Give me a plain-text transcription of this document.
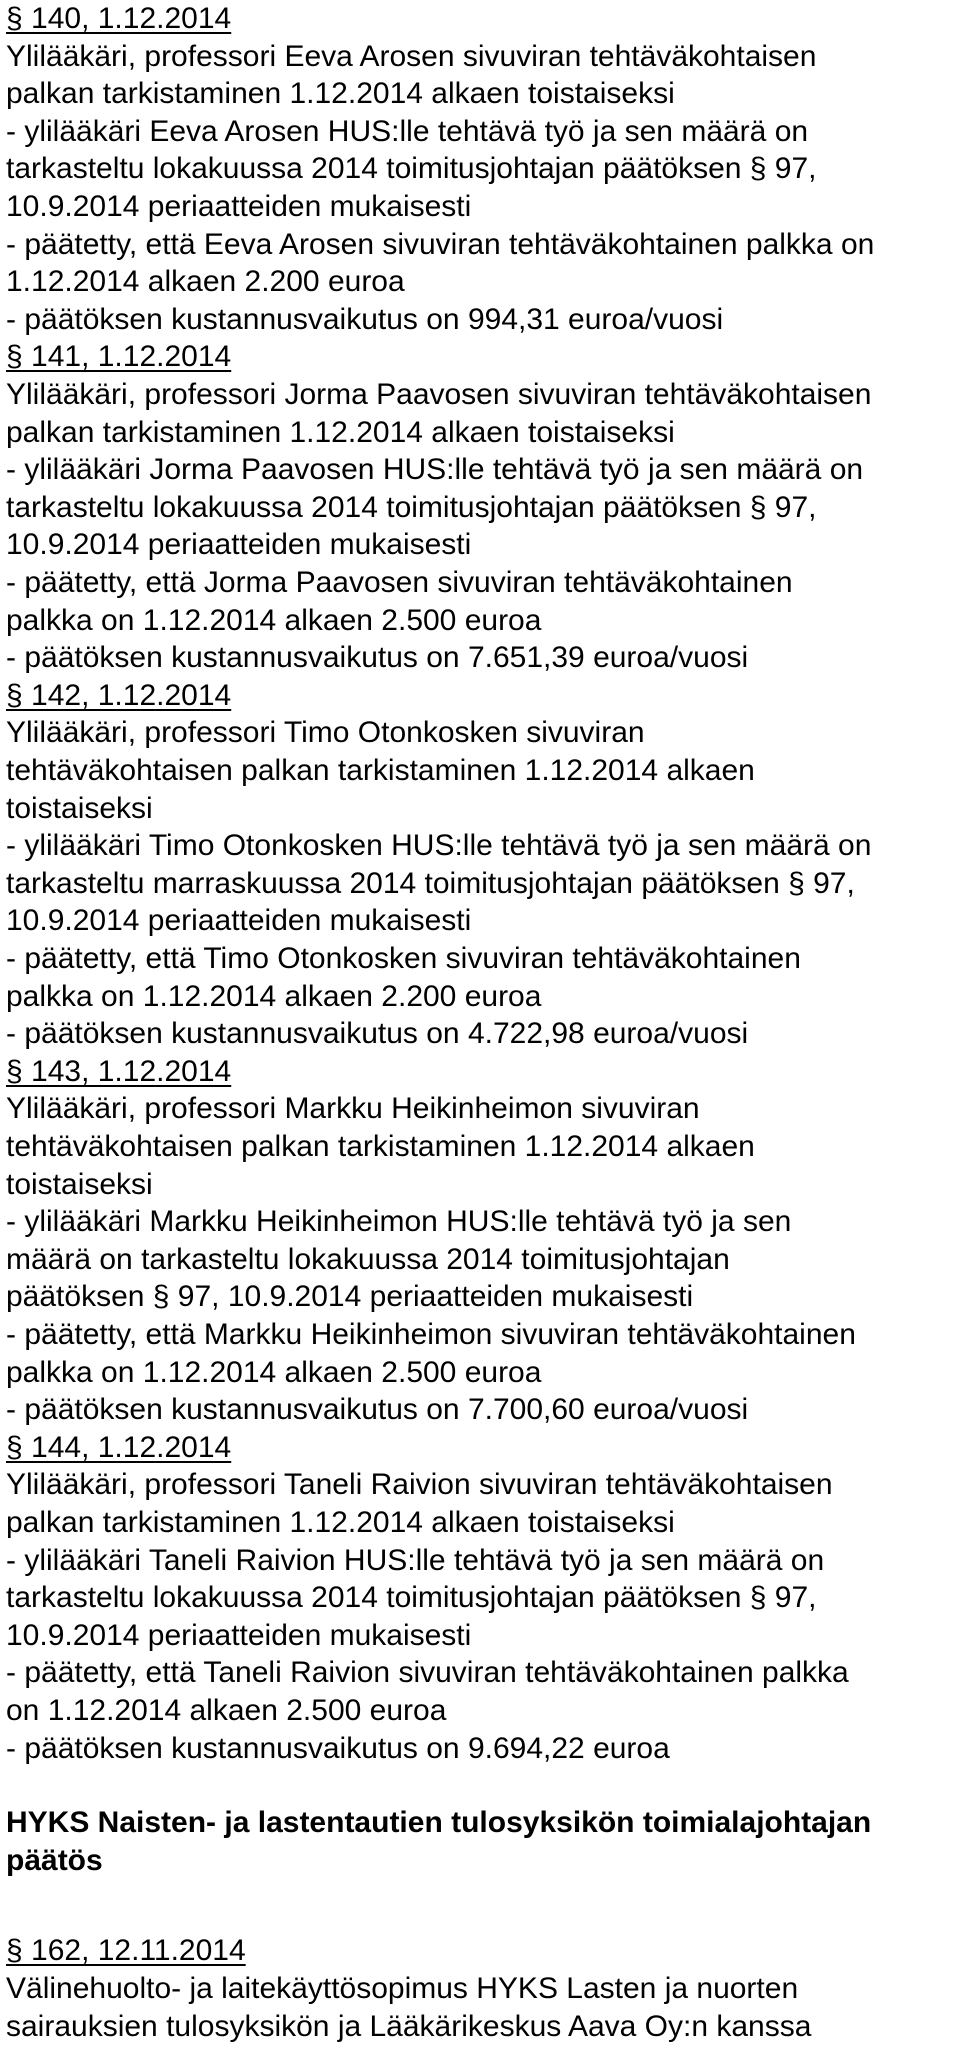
§ 140, 1.12.2014
Ylilääkäri, professori Eeva Arosen sivuviran tehtäväkohtaisen
palkan tarkistaminen 1.12.2014 alkaen toistaiseksi
- ylilääkäri Eeva Arosen HUS:lle tehtävä työ ja sen määrä on
tarkasteltu lokakuussa 2014 toimitusjohtajan päätöksen § 97,
10.9.2014 periaatteiden mukaisesti
- päätetty, että Eeva Arosen sivuviran tehtäväkohtainen palkka on
1.12.2014 alkaen 2.200 euroa
- päätöksen kustannusvaikutus on 994,31 euroa/vuosi
§ 141, 1.12.2014
Ylilääkäri, professori Jorma Paavosen sivuviran tehtäväkohtaisen
palkan tarkistaminen 1.12.2014 alkaen toistaiseksi
- ylilääkäri Jorma Paavosen HUS:lle tehtävä työ ja sen määrä on
tarkasteltu lokakuussa 2014 toimitusjohtajan päätöksen § 97,
10.9.2014 periaatteiden mukaisesti
- päätetty, että Jorma Paavosen sivuviran tehtäväkohtainen
palkka on 1.12.2014 alkaen 2.500 euroa
- päätöksen kustannusvaikutus on 7.651,39 euroa/vuosi
§ 142, 1.12.2014
Ylilääkäri, professori Timo Otonkosken sivuviran
tehtäväkohtaisen palkan tarkistaminen 1.12.2014 alkaen
toistaiseksi
- ylilääkäri Timo Otonkosken HUS:lle tehtävä työ ja sen määrä on
tarkasteltu marraskuussa 2014 toimitusjohtajan päätöksen § 97,
10.9.2014 periaatteiden mukaisesti
- päätetty, että Timo Otonkosken sivuviran tehtäväkohtainen
palkka on 1.12.2014 alkaen 2.200 euroa
- päätöksen kustannusvaikutus on 4.722,98 euroa/vuosi
§ 143, 1.12.2014
Ylilääkäri, professori Markku Heikinheimon sivuviran
tehtäväkohtaisen palkan tarkistaminen 1.12.2014 alkaen
toistaiseksi
- ylilääkäri Markku Heikinheimon HUS:lle tehtävä työ ja sen
määrä on tarkasteltu lokakuussa 2014 toimitusjohtajan
päätöksen § 97, 10.9.2014 periaatteiden mukaisesti
- päätetty, että Markku Heikinheimon sivuviran tehtäväkohtainen
palkka on 1.12.2014 alkaen 2.500 euroa
- päätöksen kustannusvaikutus on 7.700,60 euroa/vuosi
§ 144, 1.12.2014
Ylilääkäri, professori Taneli Raivion sivuviran tehtäväkohtaisen
palkan tarkistaminen 1.12.2014 alkaen toistaiseksi
- ylilääkäri Taneli Raivion HUS:lle tehtävä työ ja sen määrä on
tarkasteltu lokakuussa 2014 toimitusjohtajan päätöksen § 97,
10.9.2014 periaatteiden mukaisesti
- päätetty, että Taneli Raivion sivuviran tehtäväkohtainen palkka
on 1.12.2014 alkaen 2.500 euroa
- päätöksen kustannusvaikutus on 9.694,22 euroa
HYKS Naisten- ja lastentautien tulosyksikön toimialajohtajan
päätös
§ 162, 12.11.2014
Välinehuolto- ja laitekäyttösopimus HYKS Lasten ja nuorten
sairauksien tulosyksikön ja Lääkärikeskus Aava Oy:n kanssa
